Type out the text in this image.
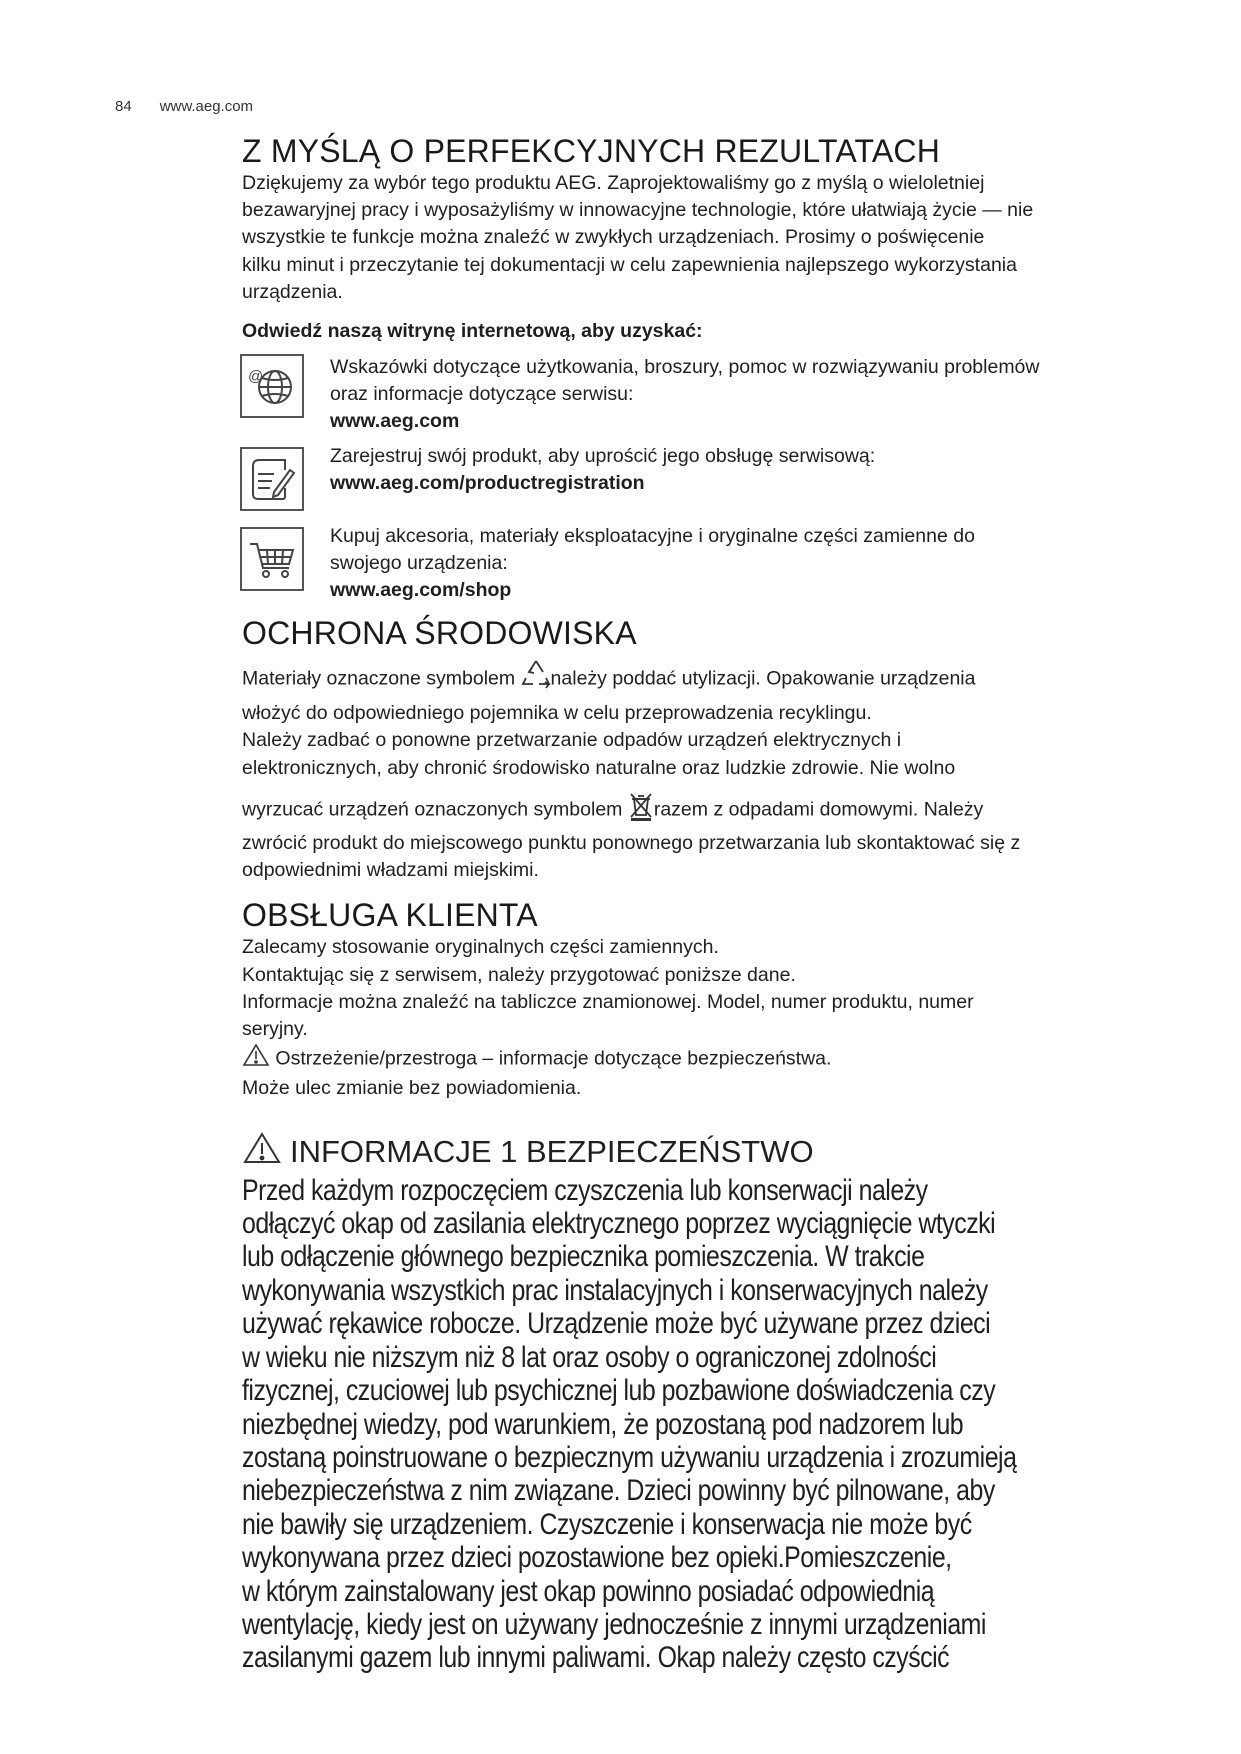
84 www.aeg.com
Z MYŚLĄ O PERFEKCYJNYCH REZULTATACH

Dziękujemy za wybór tego produktu AEG. Zaprojektowaliśmy go z myślą o wieloletniej

bezawaryjnej pracy i wyposażyliśmy w innowacyjne technologie, które ułatwiają życie — nie

wszystkie te funkcje można znaleźć w zwykłych urządzeniach. Prosimy o poświęcenie

kilku minut i przeczytanie tej dokumentacji w celu zapewnienia najlepszego wykorzystania

urządzenia.

Odwiedź naszą witrynę internetową, aby uzyskać:

@	Wskazówki dotyczące użytkowania, broszury, pomoc w rozwiązywaniu problemów

oraz informacje dotyczące serwisu:

www.aeg.com

Zarejestruj swój produkt, aby uprościć jego obsługę serwisową:

www.aeg.com/productregistration

Kupuj akcesoria, materiały eksploatacyjne i oryginalne części zamienne do

swojego urządzenia:

www.aeg.com/shop

OCHRONA ŚRODOWISKA

Materiały oznaczone symbolem należy poddać utylizacji. Opakowanie urządzenia

włożyć do odpowiedniego pojemnika w celu przeprowadzenia recyklingu.

Należy zadbać o ponowne przetwarzanie odpadów urządzeń elektrycznych i

elektronicznych, aby chronić środowisko naturalne oraz ludzkie zdrowie. Nie wolno

wyrzucać urządzeń oznaczonych symbolem razem z odpadami domowymi. Należy

zwrócić produkt do miejscowego punktu ponownego przetwarzania lub skontaktować się z

odpowiednimi władzami miejskimi.

OBSŁUGA KLIENTA

Zalecamy stosowanie oryginalnych części zamiennych.

Kontaktując się z serwisem, należy przygotować poniższe dane.

Informacje można znaleźć na tabliczce znamionowej. Model, numer produktu, numer

seryjny.

Ostrzeżenie/przestroga – informacje dotyczące bezpieczeństwa.

Może ulec zmianie bez powiadomienia.

INFORMACJE 1 BEZPIECZEŃSTWO
Przed każdym rozpoczęciem czyszczenia lub konserwacji należy
odłączyć okap od zasilania elektrycznego poprzez wyciągnięcie wtyczki
lub odłączenie głównego bezpiecznika pomieszczenia. W trakcie
wykonywania wszystkich prac instalacyjnych i konserwacyjnych należy
używać rękawice robocze. Urządzenie może być używane przez dzieci
w wieku nie niższym niż 8 lat oraz osoby o ograniczonej zdolności
fizycznej, czuciowej lub psychicznej lub pozbawione doświadczenia czy
niezbędnej wiedzy, pod warunkiem, że pozostaną pod nadzorem lub
zostaną poinstruowane o bezpiecznym używaniu urządzenia i zrozumieją
niebezpieczeństwa z nim związane. Dzieci powinny być pilnowane, aby
nie bawiły się urządzeniem. Czyszczenie i konserwacja nie może być
wykonywana przez dzieci pozostawione bez opieki.Pomieszczenie,
w którym zainstalowany jest okap powinno posiadać odpowiednią
wentylację, kiedy jest on używany jednocześnie z innymi urządzeniami
zasilanymi gazem lub innymi paliwami. Okap należy często czyścić
